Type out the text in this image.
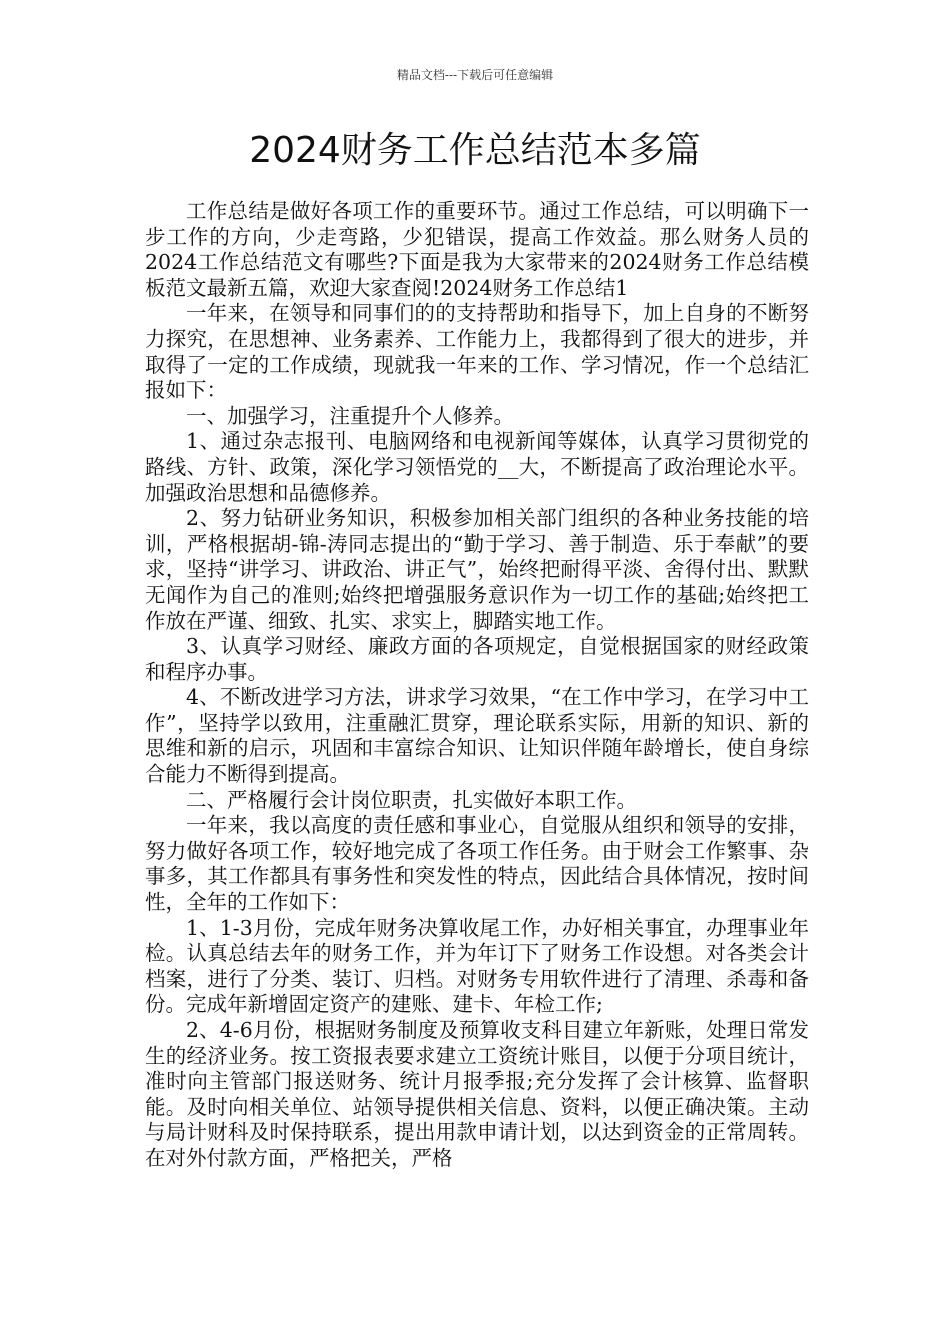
精品文档---下载后可任意编辑
2024财务工作总结范本多篇

工作总结是做好各项工作的重要环节。通过工作总结，可以明确下一步工作的方向，少走弯路，少犯错误，提高工作效益。那么财务人员的2024工作总结范文有哪些?下面是我为大家带来的2024财务工作总结模板范文最新五篇，欢迎大家查阅!2024财务工作总结1

一年来，在领导和同事们的的支持帮助和指导下，加上自身的不断努力探究，在思想神、业务素养、工作能力上，我都得到了很大的进步，并取得了一定的工作成绩，现就我一年来的工作、学习情况，作一个总结汇报如下：

一、加强学习，注重提升个人修养。

1、通过杂志报刊、电脑网络和电视新闻等媒体，认真学习贯彻党的路线、方针、政策，深化学习领悟党的__大，不断提高了政治理论水平。加强政治思想和品德修养。

2、努力钻研业务知识，积极参加相关部门组织的各种业务技能的培训，严格根据胡-锦-涛同志提出的“勤于学习、善于制造、乐于奉献”的要求，坚持“讲学习、讲政治、讲正气”，始终把耐得平淡、舍得付出、默默无闻作为自己的准则;始终把增强服务意识作为一切工作的基础;始终把工作放在严谨、细致、扎实、求实上，脚踏实地工作。

3、认真学习财经、廉政方面的各项规定，自觉根据国家的财经政策和程序办事。

4、不断改进学习方法，讲求学习效果，“在工作中学习，在学习中工作”，坚持学以致用，注重融汇贯穿，理论联系实际，用新的知识、新的思维和新的启示，巩固和丰富综合知识、让知识伴随年龄增长，使自身综合能力不断得到提高。

二、严格履行会计岗位职责，扎实做好本职工作。

一年来，我以高度的责任感和事业心，自觉服从组织和领导的安排，努力做好各项工作，较好地完成了各项工作任务。由于财会工作繁事、杂事多，其工作都具有事务性和突发性的特点，因此结合具体情况，按时间性，全年的工作如下：

1、1-3月份，完成年财务决算收尾工作，办好相关事宜，办理事业年检。认真总结去年的财务工作，并为年订下了财务工作设想。对各类会计档案，进行了分类、装订、归档。对财务专用软件进行了清理、杀毒和备份。完成年新增固定资产的建账、建卡、年检工作;

2、4-6月份，根据财务制度及预算收支科目建立年新账，处理日常发生的经济业务。按工资报表要求建立工资统计账目，以便于分项目统计，准时向主管部门报送财务、统计月报季报;充分发挥了会计核算、监督职能。及时向相关单位、站领导提供相关信息、资料，以便正确决策。主动与局计财科及时保持联系，提出用款申请计划，以达到资金的正常周转。在对外付款方面，严格把关，严格
